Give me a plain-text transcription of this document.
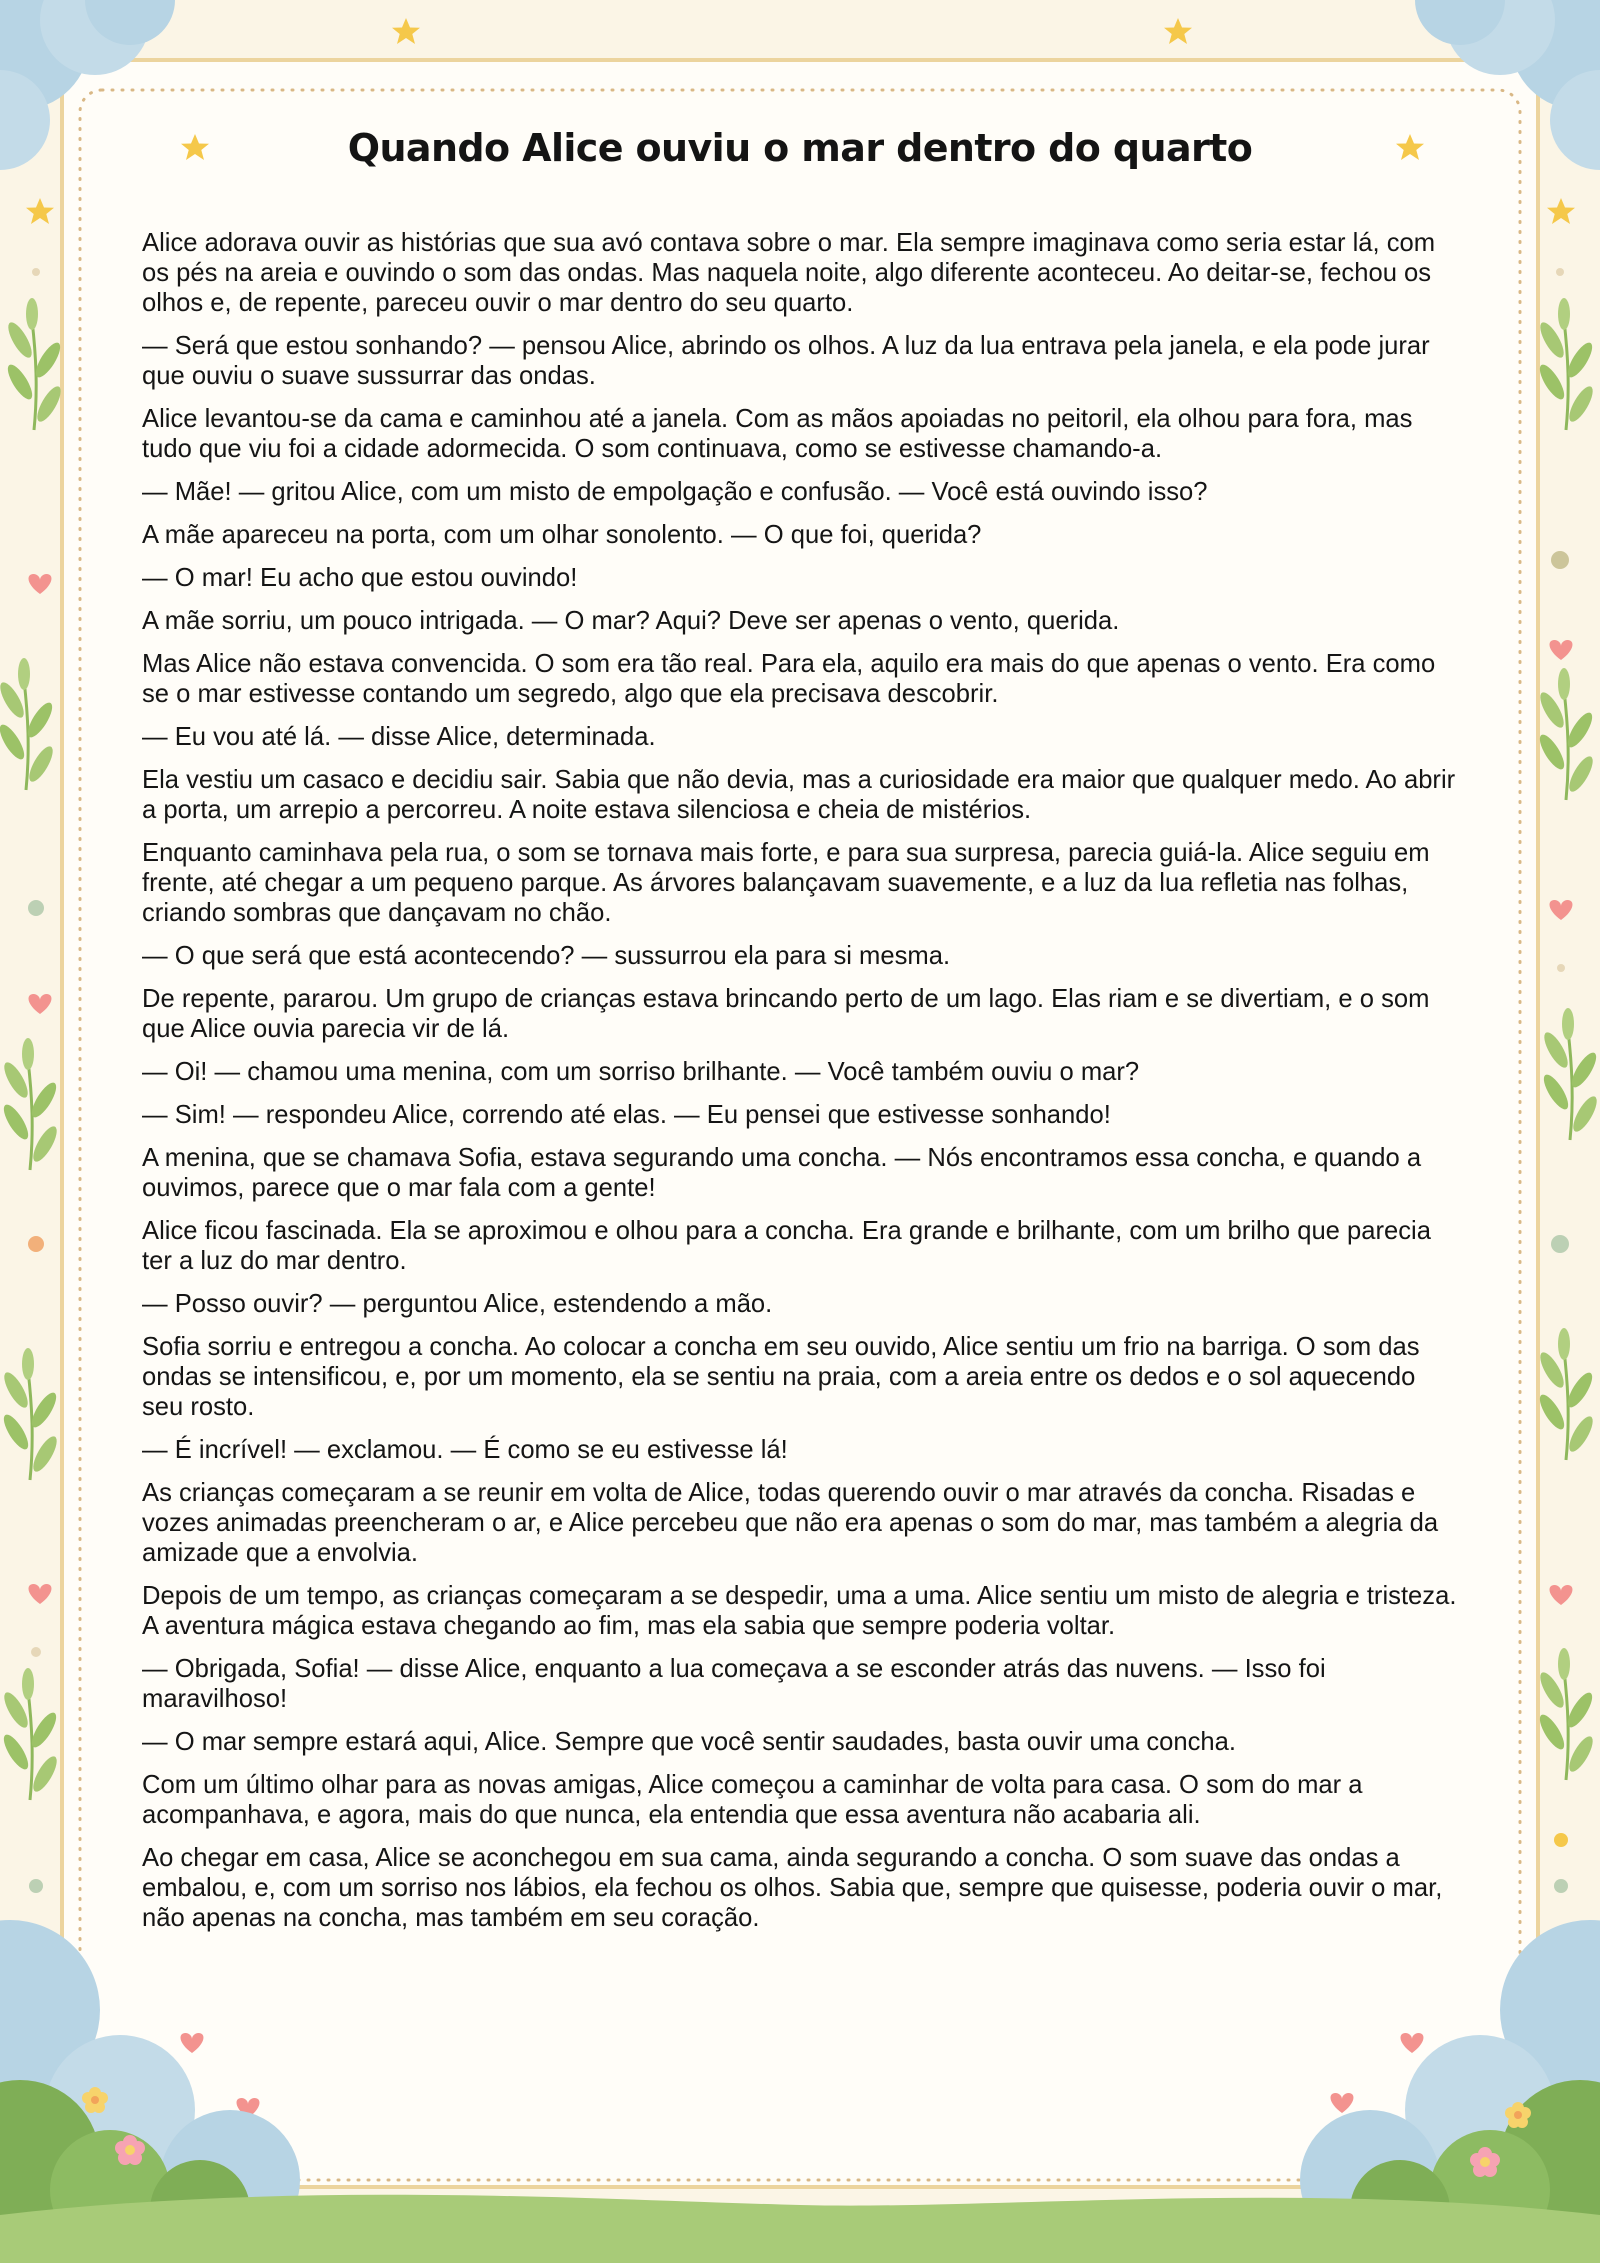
Quando Alice ouviu o mar dentro do quarto

Alice adorava ouvir as histórias que sua avó contava sobre o mar. Ela sempre imaginava como seria estar lá, com os pés na areia e ouvindo o som das ondas. Mas naquela noite, algo diferente aconteceu. Ao deitar-se, fechou os olhos e, de repente, pareceu ouvir o mar dentro do seu quarto.

— Será que estou sonhando? — pensou Alice, abrindo os olhos. A luz da lua entrava pela janela, e ela pode jurar que ouviu o suave sussurrar das ondas.

Alice levantou-se da cama e caminhou até a janela. Com as mãos apoiadas no peitoril, ela olhou para fora, mas tudo que viu foi a cidade adormecida. O som continuava, como se estivesse chamando-a.

— Mãe! — gritou Alice, com um misto de empolgação e confusão. — Você está ouvindo isso?

A mãe apareceu na porta, com um olhar sonolento. — O que foi, querida?

— O mar! Eu acho que estou ouvindo!

A mãe sorriu, um pouco intrigada. — O mar? Aqui? Deve ser apenas o vento, querida.

Mas Alice não estava convencida. O som era tão real. Para ela, aquilo era mais do que apenas o vento. Era como se o mar estivesse contando um segredo, algo que ela precisava descobrir.

— Eu vou até lá. — disse Alice, determinada.

Ela vestiu um casaco e decidiu sair. Sabia que não devia, mas a curiosidade era maior que qualquer medo. Ao abrir a porta, um arrepio a percorreu. A noite estava silenciosa e cheia de mistérios.

Enquanto caminhava pela rua, o som se tornava mais forte, e para sua surpresa, parecia guiá-la. Alice seguiu em frente, até chegar a um pequeno parque. As árvores balançavam suavemente, e a luz da lua refletia nas folhas, criando sombras que dançavam no chão.

— O que será que está acontecendo? — sussurrou ela para si mesma.

De repente, pararou. Um grupo de crianças estava brincando perto de um lago. Elas riam e se divertiam, e o som que Alice ouvia parecia vir de lá.

— Oi! — chamou uma menina, com um sorriso brilhante. — Você também ouviu o mar?

— Sim! — respondeu Alice, correndo até elas. — Eu pensei que estivesse sonhando!

A menina, que se chamava Sofia, estava segurando uma concha. — Nós encontramos essa concha, e quando a ouvimos, parece que o mar fala com a gente!

Alice ficou fascinada. Ela se aproximou e olhou para a concha. Era grande e brilhante, com um brilho que parecia ter a luz do mar dentro.

— Posso ouvir? — perguntou Alice, estendendo a mão.

Sofia sorriu e entregou a concha. Ao colocar a concha em seu ouvido, Alice sentiu um frio na barriga. O som das ondas se intensificou, e, por um momento, ela se sentiu na praia, com a areia entre os dedos e o sol aquecendo seu rosto.

— É incrível! — exclamou. — É como se eu estivesse lá!

As crianças começaram a se reunir em volta de Alice, todas querendo ouvir o mar através da concha. Risadas e vozes animadas preencheram o ar, e Alice percebeu que não era apenas o som do mar, mas também a alegria da amizade que a envolvia.

Depois de um tempo, as crianças começaram a se despedir, uma a uma. Alice sentiu um misto de alegria e tristeza. A aventura mágica estava chegando ao fim, mas ela sabia que sempre poderia voltar.

— Obrigada, Sofia! — disse Alice, enquanto a lua começava a se esconder atrás das nuvens. — Isso foi maravilhoso!

— O mar sempre estará aqui, Alice. Sempre que você sentir saudades, basta ouvir uma concha.

Com um último olhar para as novas amigas, Alice começou a caminhar de volta para casa. O som do mar a acompanhava, e agora, mais do que nunca, ela entendia que essa aventura não acabaria ali.

Ao chegar em casa, Alice se aconchegou em sua cama, ainda segurando a concha. O som suave das ondas a embalou, e, com um sorriso nos lábios, ela fechou os olhos. Sabia que, sempre que quisesse, poderia ouvir o mar, não apenas na concha, mas também em seu coração.
